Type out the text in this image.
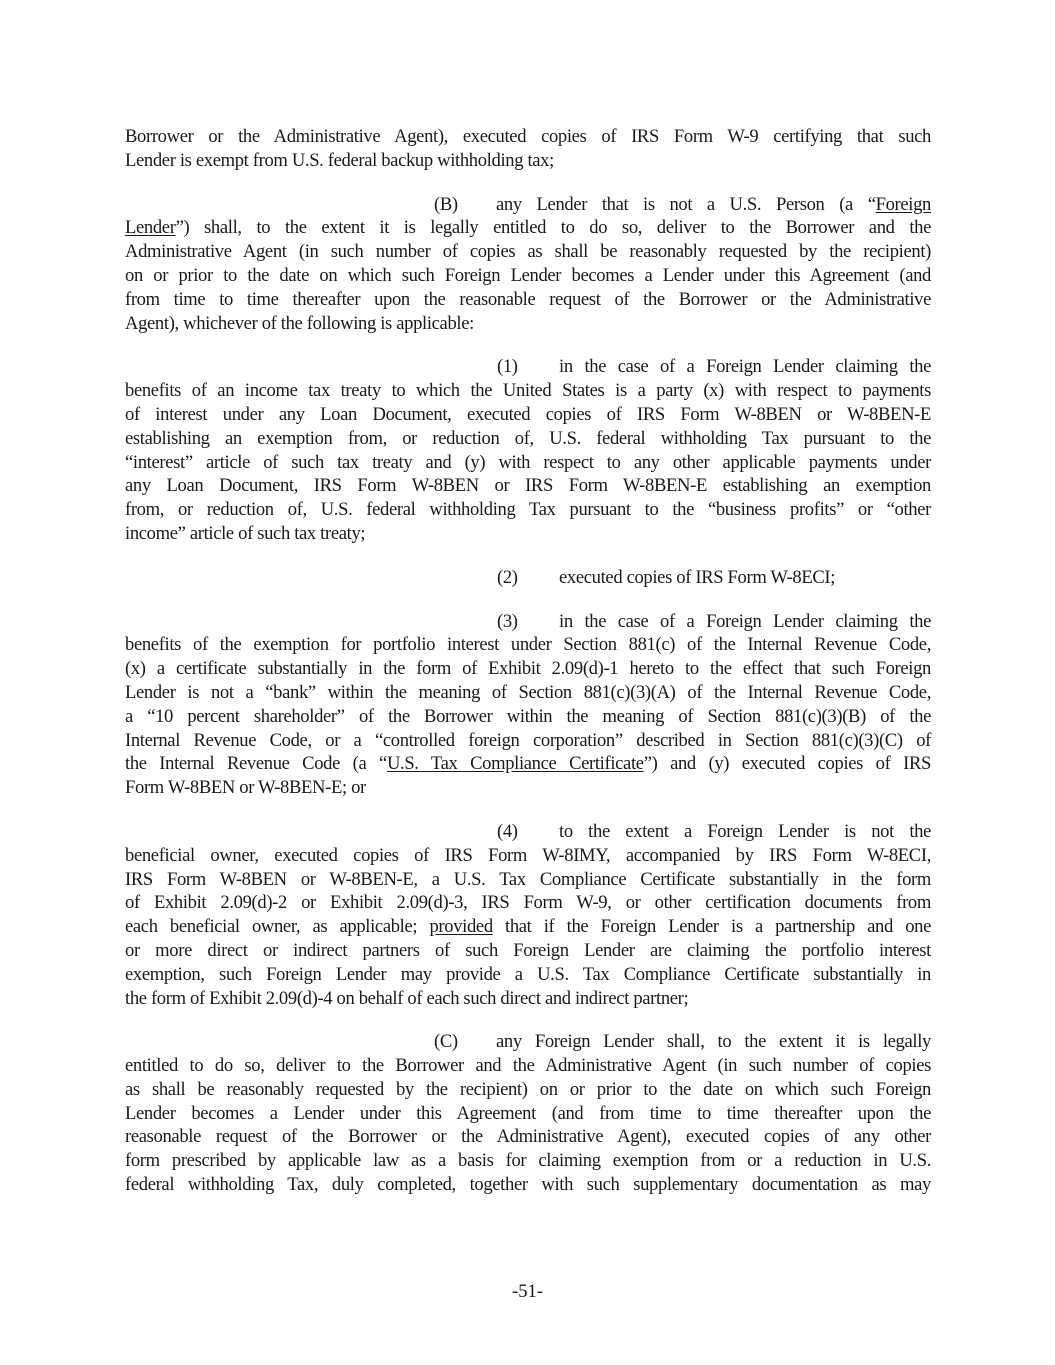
Borrower or the Administrative Agent), executed copies of IRS Form W-9 certifying that such
Lender is exempt from U.S. federal backup withholding tax;
(B)	any Lender that is not a U.S. Person (a “Foreign
Lender”) shall, to the extent it is legally entitled to do so, deliver to the Borrower and the
Administrative Agent (in such number of copies as shall be reasonably requested by the recipient)
on or prior to the date on which such Foreign Lender becomes a Lender under this Agreement (and
from time to time thereafter upon the reasonable request of the Borrower or the Administrative
Agent), whichever of the following is applicable:
(1)	in the case of a Foreign Lender claiming the
benefits of an income tax treaty to which the United States is a party (x) with respect to payments
of interest under any Loan Document, executed copies of IRS Form W-8BEN or W-8BEN-E
establishing an exemption from, or reduction of, U.S. federal withholding Tax pursuant to the
“interest” article of such tax treaty and (y) with respect to any other applicable payments under
any Loan Document, IRS Form W-8BEN or IRS Form W-8BEN-E establishing an exemption
from, or reduction of, U.S. federal withholding Tax pursuant to the “business profits” or “other
income” article of such tax treaty;
(2)	executed copies of IRS Form W-8ECI;
(3)	in the case of a Foreign Lender claiming the
benefits of the exemption for portfolio interest under Section 881(c) of the Internal Revenue Code,
(x) a certificate substantially in the form of Exhibit 2.09(d)-1 hereto to the effect that such Foreign
Lender is not a “bank” within the meaning of Section 881(c)(3)(A) of the Internal Revenue Code,
a “10 percent shareholder” of the Borrower within the meaning of Section 881(c)(3)(B) of the
Internal Revenue Code, or a “controlled foreign corporation” described in Section 881(c)(3)(C) of
the Internal Revenue Code (a “U.S. Tax Compliance Certificate”) and (y) executed copies of IRS
Form W-8BEN or W-8BEN-E; or
(4)	to the extent a Foreign Lender is not the
beneficial owner, executed copies of IRS Form W-8IMY, accompanied by IRS Form W-8ECI,
IRS Form W-8BEN or W-8BEN-E, a U.S. Tax Compliance Certificate substantially in the form
of Exhibit 2.09(d)-2 or Exhibit 2.09(d)-3, IRS Form W-9, or other certification documents from
each beneficial owner, as applicable; provided that if the Foreign Lender is a partnership and one
or more direct or indirect partners of such Foreign Lender are claiming the portfolio interest
exemption, such Foreign Lender may provide a U.S. Tax Compliance Certificate substantially in
the form of Exhibit 2.09(d)-4 on behalf of each such direct and indirect partner;
(C)	any Foreign Lender shall, to the extent it is legally
entitled to do so, deliver to the Borrower and the Administrative Agent (in such number of copies
as shall be reasonably requested by the recipient) on or prior to the date on which such Foreign
Lender becomes a Lender under this Agreement (and from time to time thereafter upon the
reasonable request of the Borrower or the Administrative Agent), executed copies of any other
form prescribed by applicable law as a basis for claiming exemption from or a reduction in U.S.
federal withholding Tax, duly completed, together with such supplementary documentation as may
-51-
